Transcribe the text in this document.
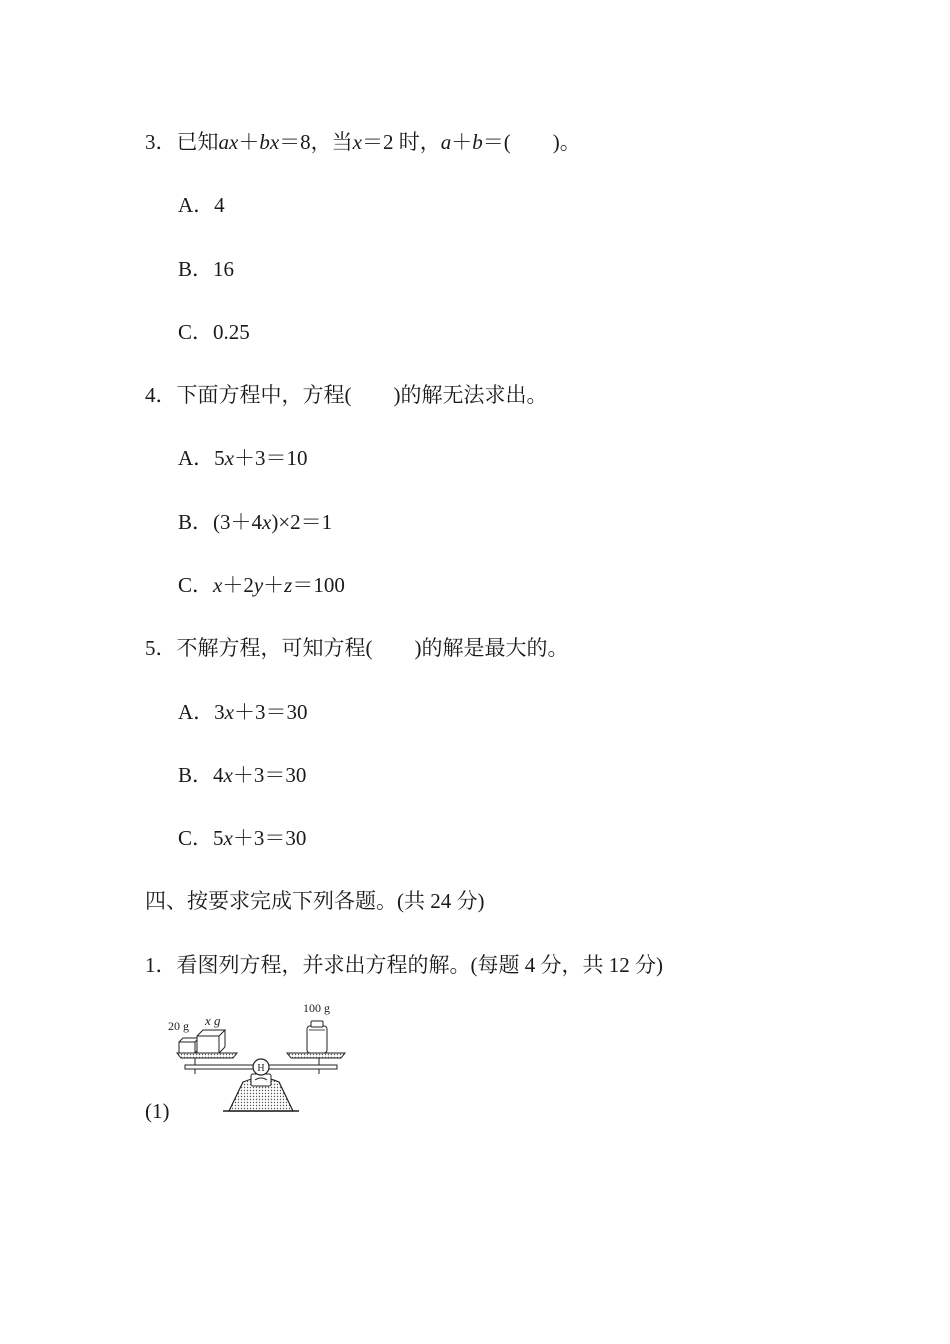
3．已知ax＋bx＝8，当x＝2 时，a＋b＝(　　)。
A．4
B．16
C．0.25
4．下面方程中，方程(　　)的解无法求出。
A．5x＋3＝10
B．(3＋4x)×2＝1
C．x＋2y＋z＝100
5．不解方程，可知方程(　　)的解是最大的。
A．3x＋3＝30
B．4x＋3＝30
C．5x＋3＝30
四、按要求完成下列各题。(共 24 分)
1．看图列方程，并求出方程的解。(每题 4 分，共 12 分)
(1)
H
20 g x g
100 g
